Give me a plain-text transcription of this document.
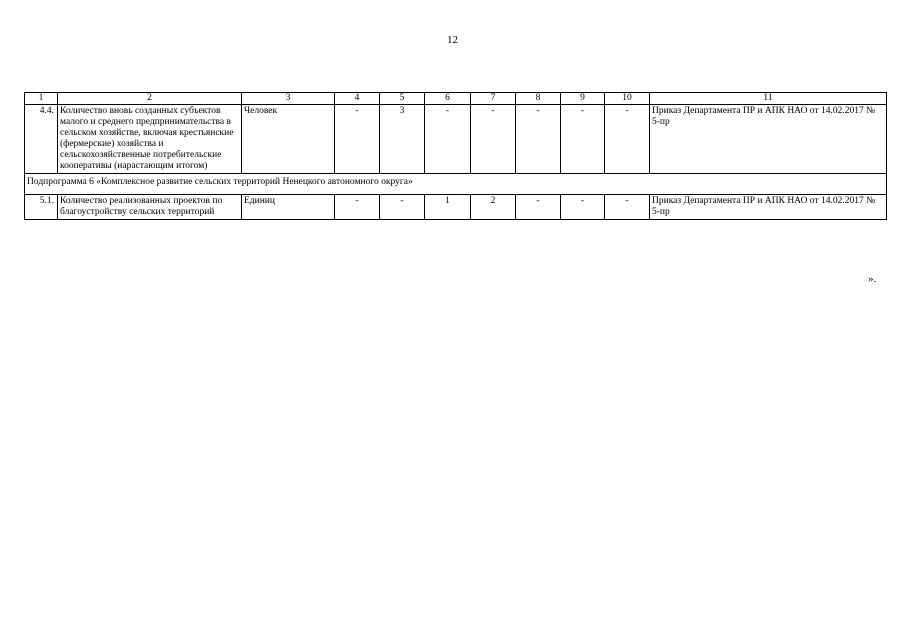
12
1	2	3	4	5	6	7	8	9	10	11
4.4.	Количество вновь созданных субъектов малого и среднего предпринимательства в сельском хозяйстве, включая крестьянские (фермерские) хозяйства и сельскохозяйственные потребительские кооперативы (нарастающим итогом)	Человек	-	3	-	-	-	-	-	Приказ Департамента ПР и АПК НАО от 14.02.2017 № 5-пр
Подпрограмма 6 «Комплексное развитие сельских территорий Ненецкого автономного округа»										
5.1.	Количество реализованных проектов по благоустройству сельских территорий	Единиц	-	-	1	2	-	-	-	Приказ Департамента ПР и АПК НАО от 14.02.2017 № 5-пр
».
